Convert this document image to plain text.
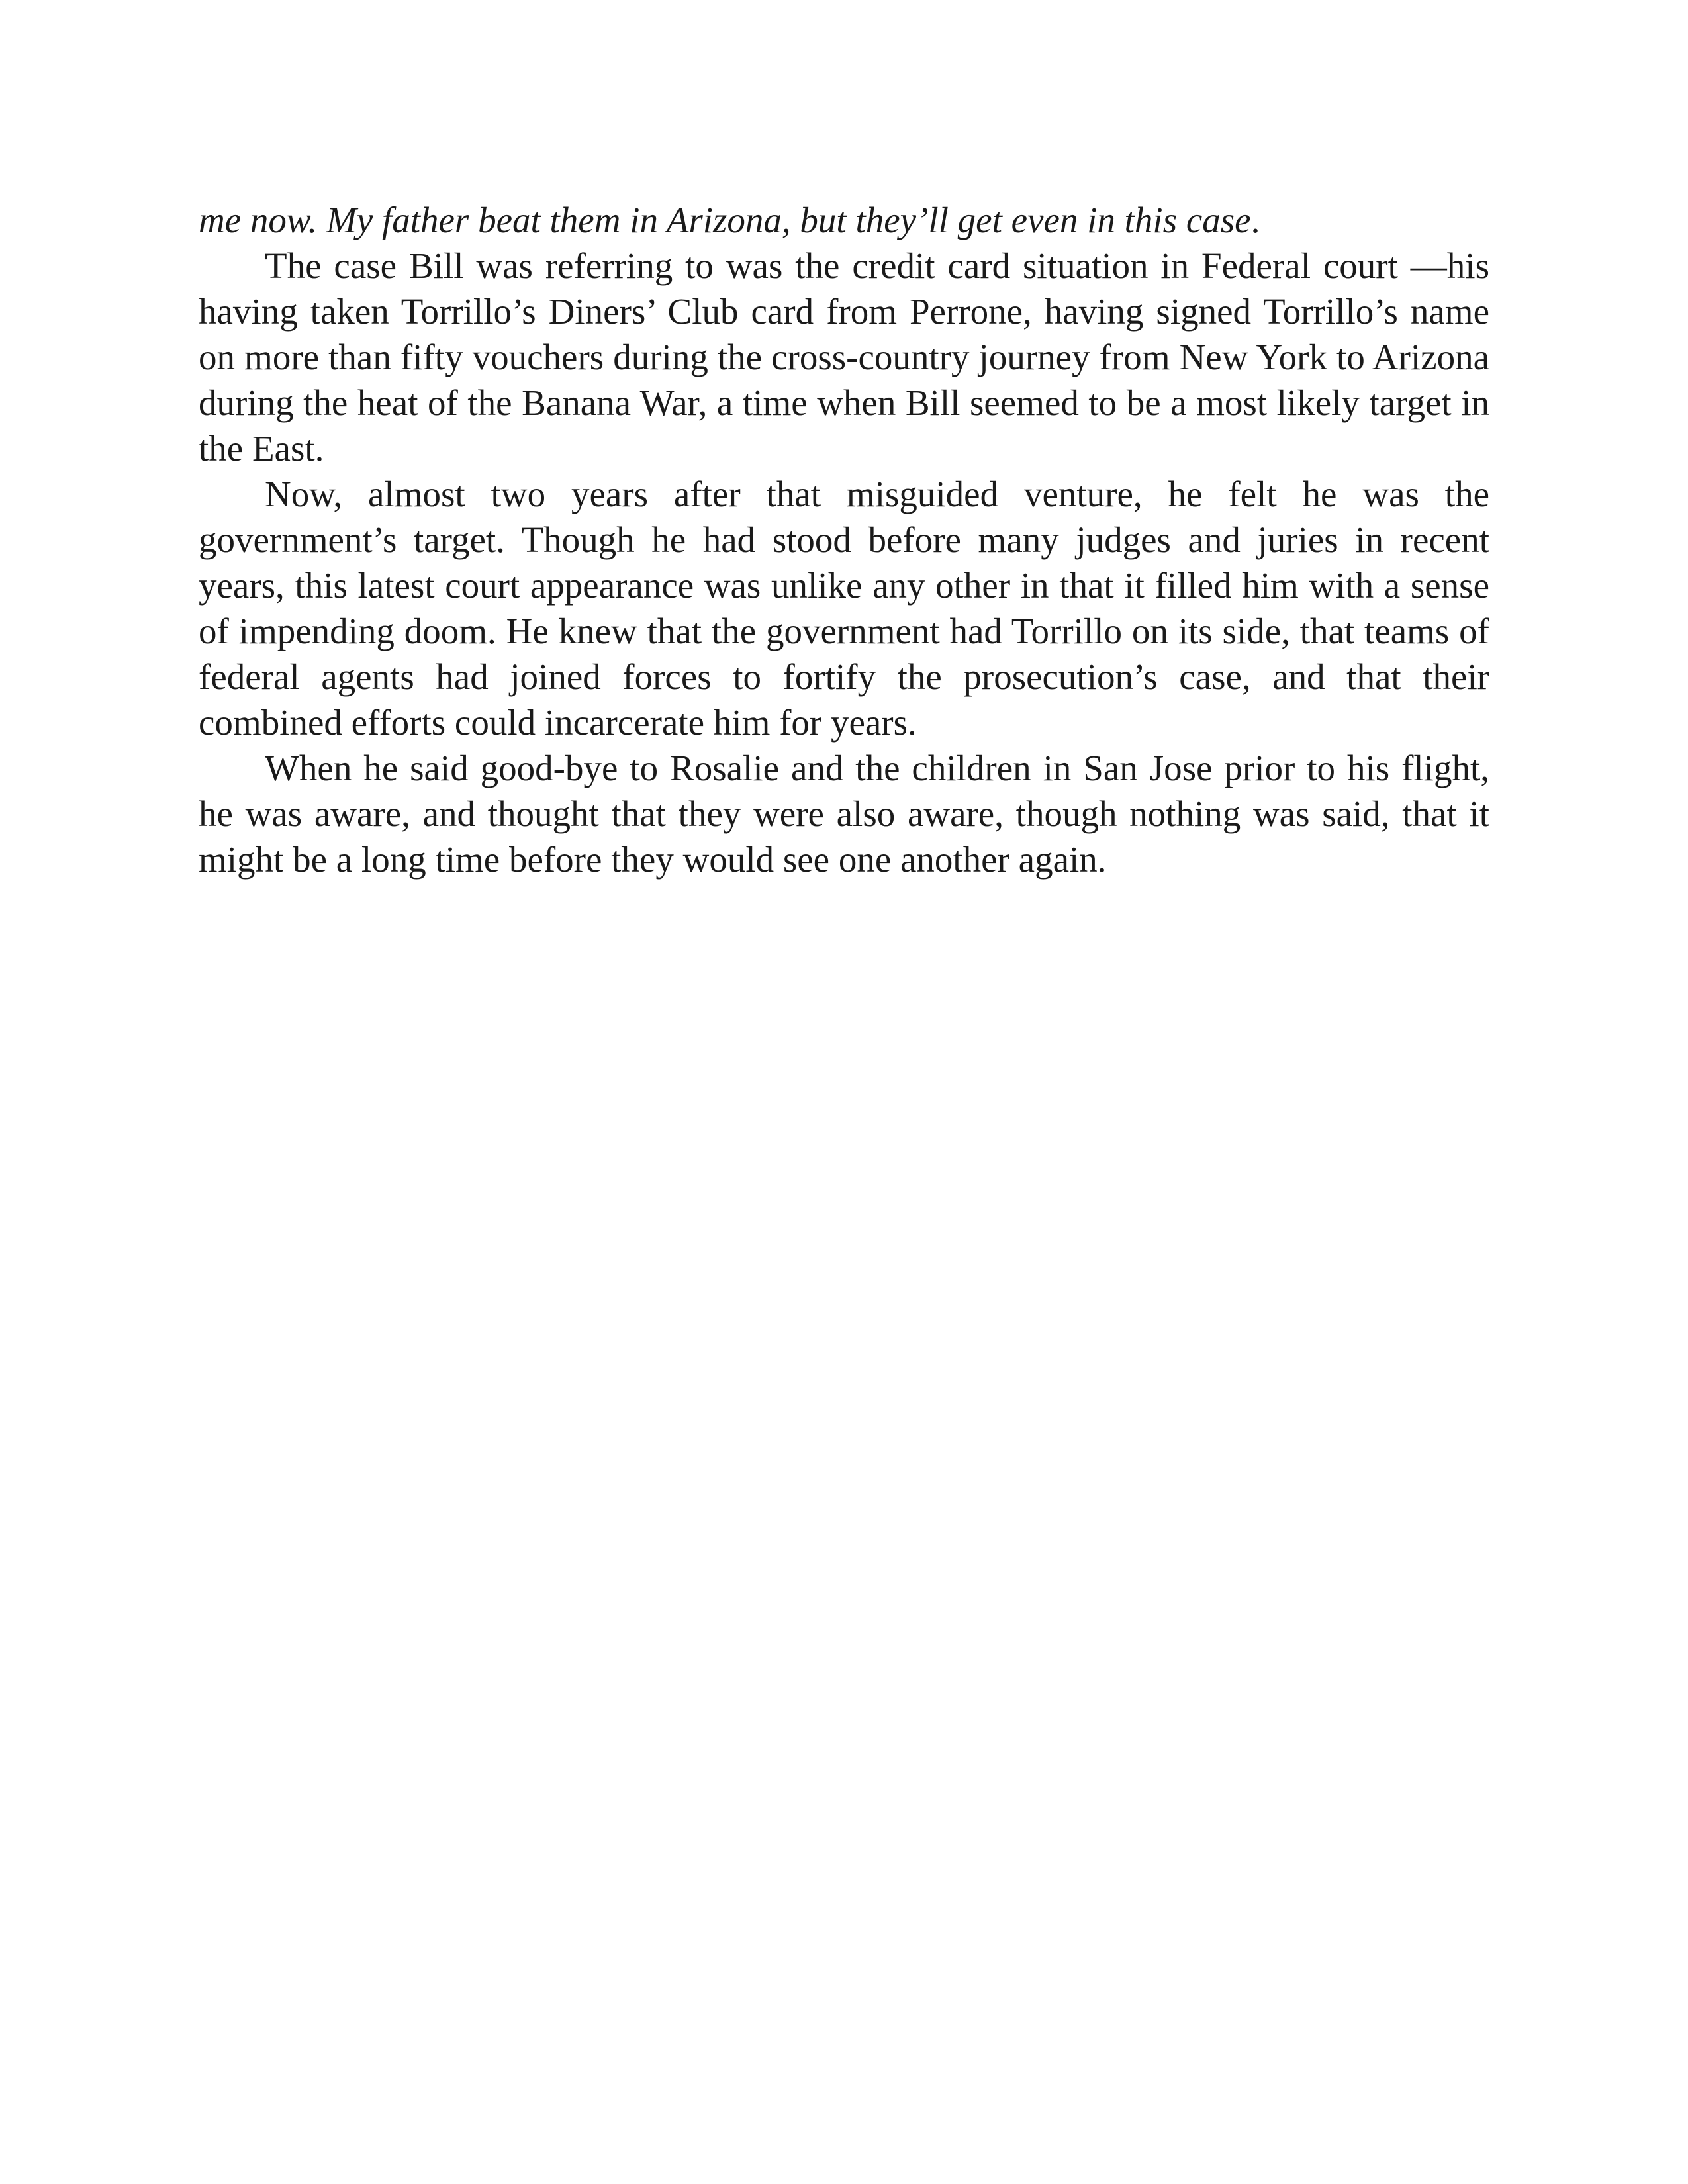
me now. My father beat them in Arizona, but they’ll get even in this case.

The case Bill was referring to was the credit card situation in Federal court —his having taken Torrillo’s Diners’ Club card from Perrone, having signed Torrillo’s name on more than fifty vouchers during the cross-country journey from New York to Arizona during the heat of the Banana War, a time when Bill seemed to be a most likely target in the East.

Now, almost two years after that misguided venture, he felt he was the government’s target. Though he had stood before many judges and juries in recent years, this latest court appearance was unlike any other in that it filled him with a sense of impending doom. He knew that the government had Torrillo on its side, that teams of federal agents had joined forces to fortify the prosecution’s case, and that their combined efforts could incarcerate him for years.

When he said good-bye to Rosalie and the children in San Jose prior to his flight, he was aware, and thought that they were also aware, though nothing was said, that it might be a long time before they would see one another again.
